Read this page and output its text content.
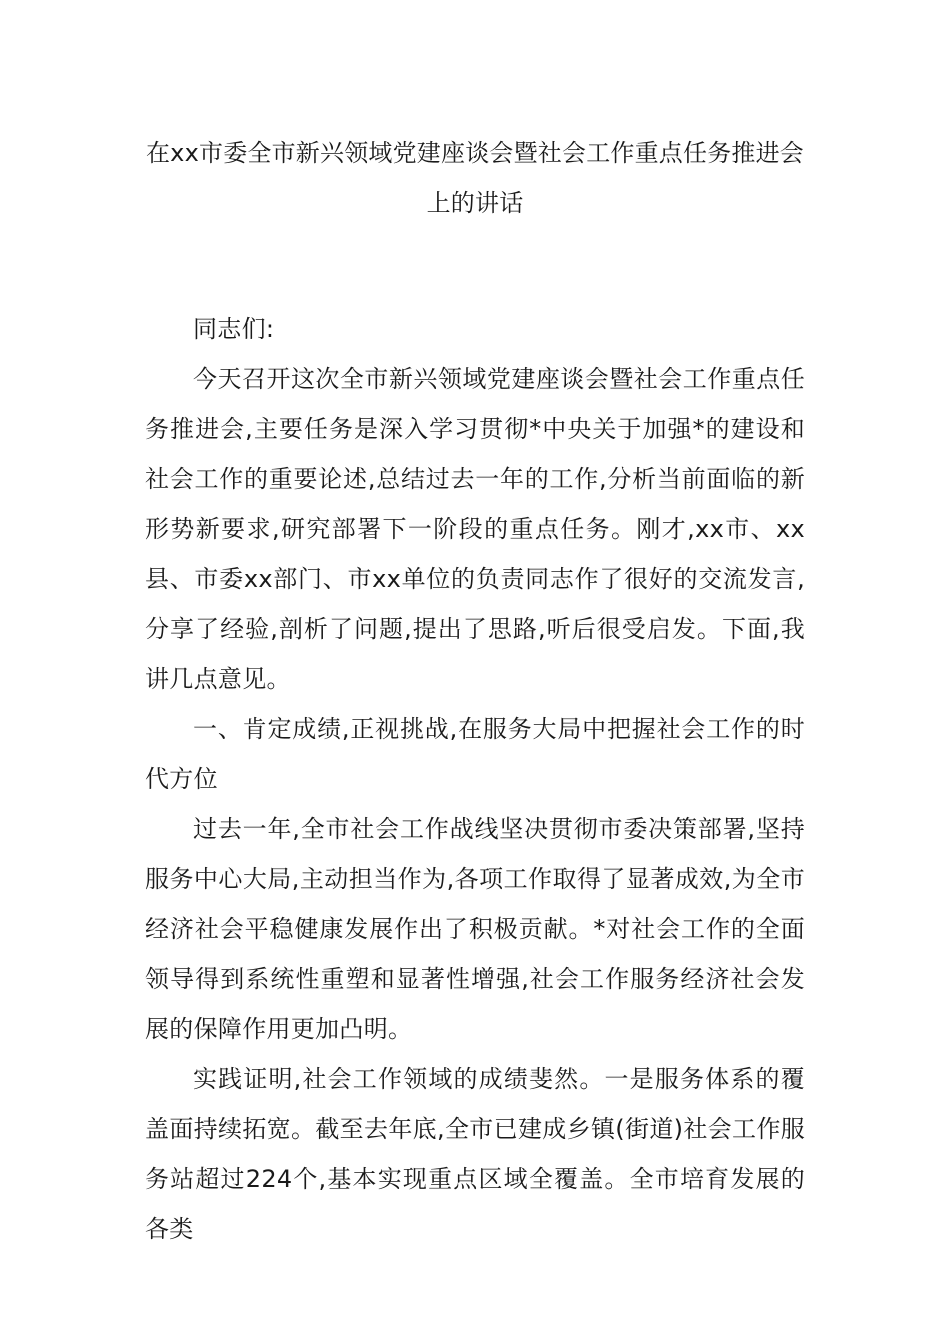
在xx市委全市新兴领域党建座谈会暨社会工作重点任务推进会上的讲话

同志们:

今天召开这次全市新兴领域党建座谈会暨社会工作重点任务推进会,主要任务是深入学习贯彻*中央关于加强*的建设和社会工作的重要论述,总结过去一年的工作,分析当前面临的新形势新要求,研究部署下一阶段的重点任务。刚才,xx市、xx县、市委xx部门、市xx单位的负责同志作了很好的交流发言,分享了经验,剖析了问题,提出了思路,听后很受启发。下面,我讲几点意见。

一、肯定成绩,正视挑战,在服务大局中把握社会工作的时代方位

过去一年,全市社会工作战线坚决贯彻市委决策部署,坚持服务中心大局,主动担当作为,各项工作取得了显著成效,为全市经济社会平稳健康发展作出了积极贡献。*对社会工作的全面领导得到系统性重塑和显著性增强,社会工作服务经济社会发展的保障作用更加凸明。

实践证明,社会工作领域的成绩斐然。一是服务体系的覆盖面持续拓宽。截至去年底,全市已建成乡镇(街道)社会工作服务站超过224个,基本实现重点区域全覆盖。全市培育发展的各类
